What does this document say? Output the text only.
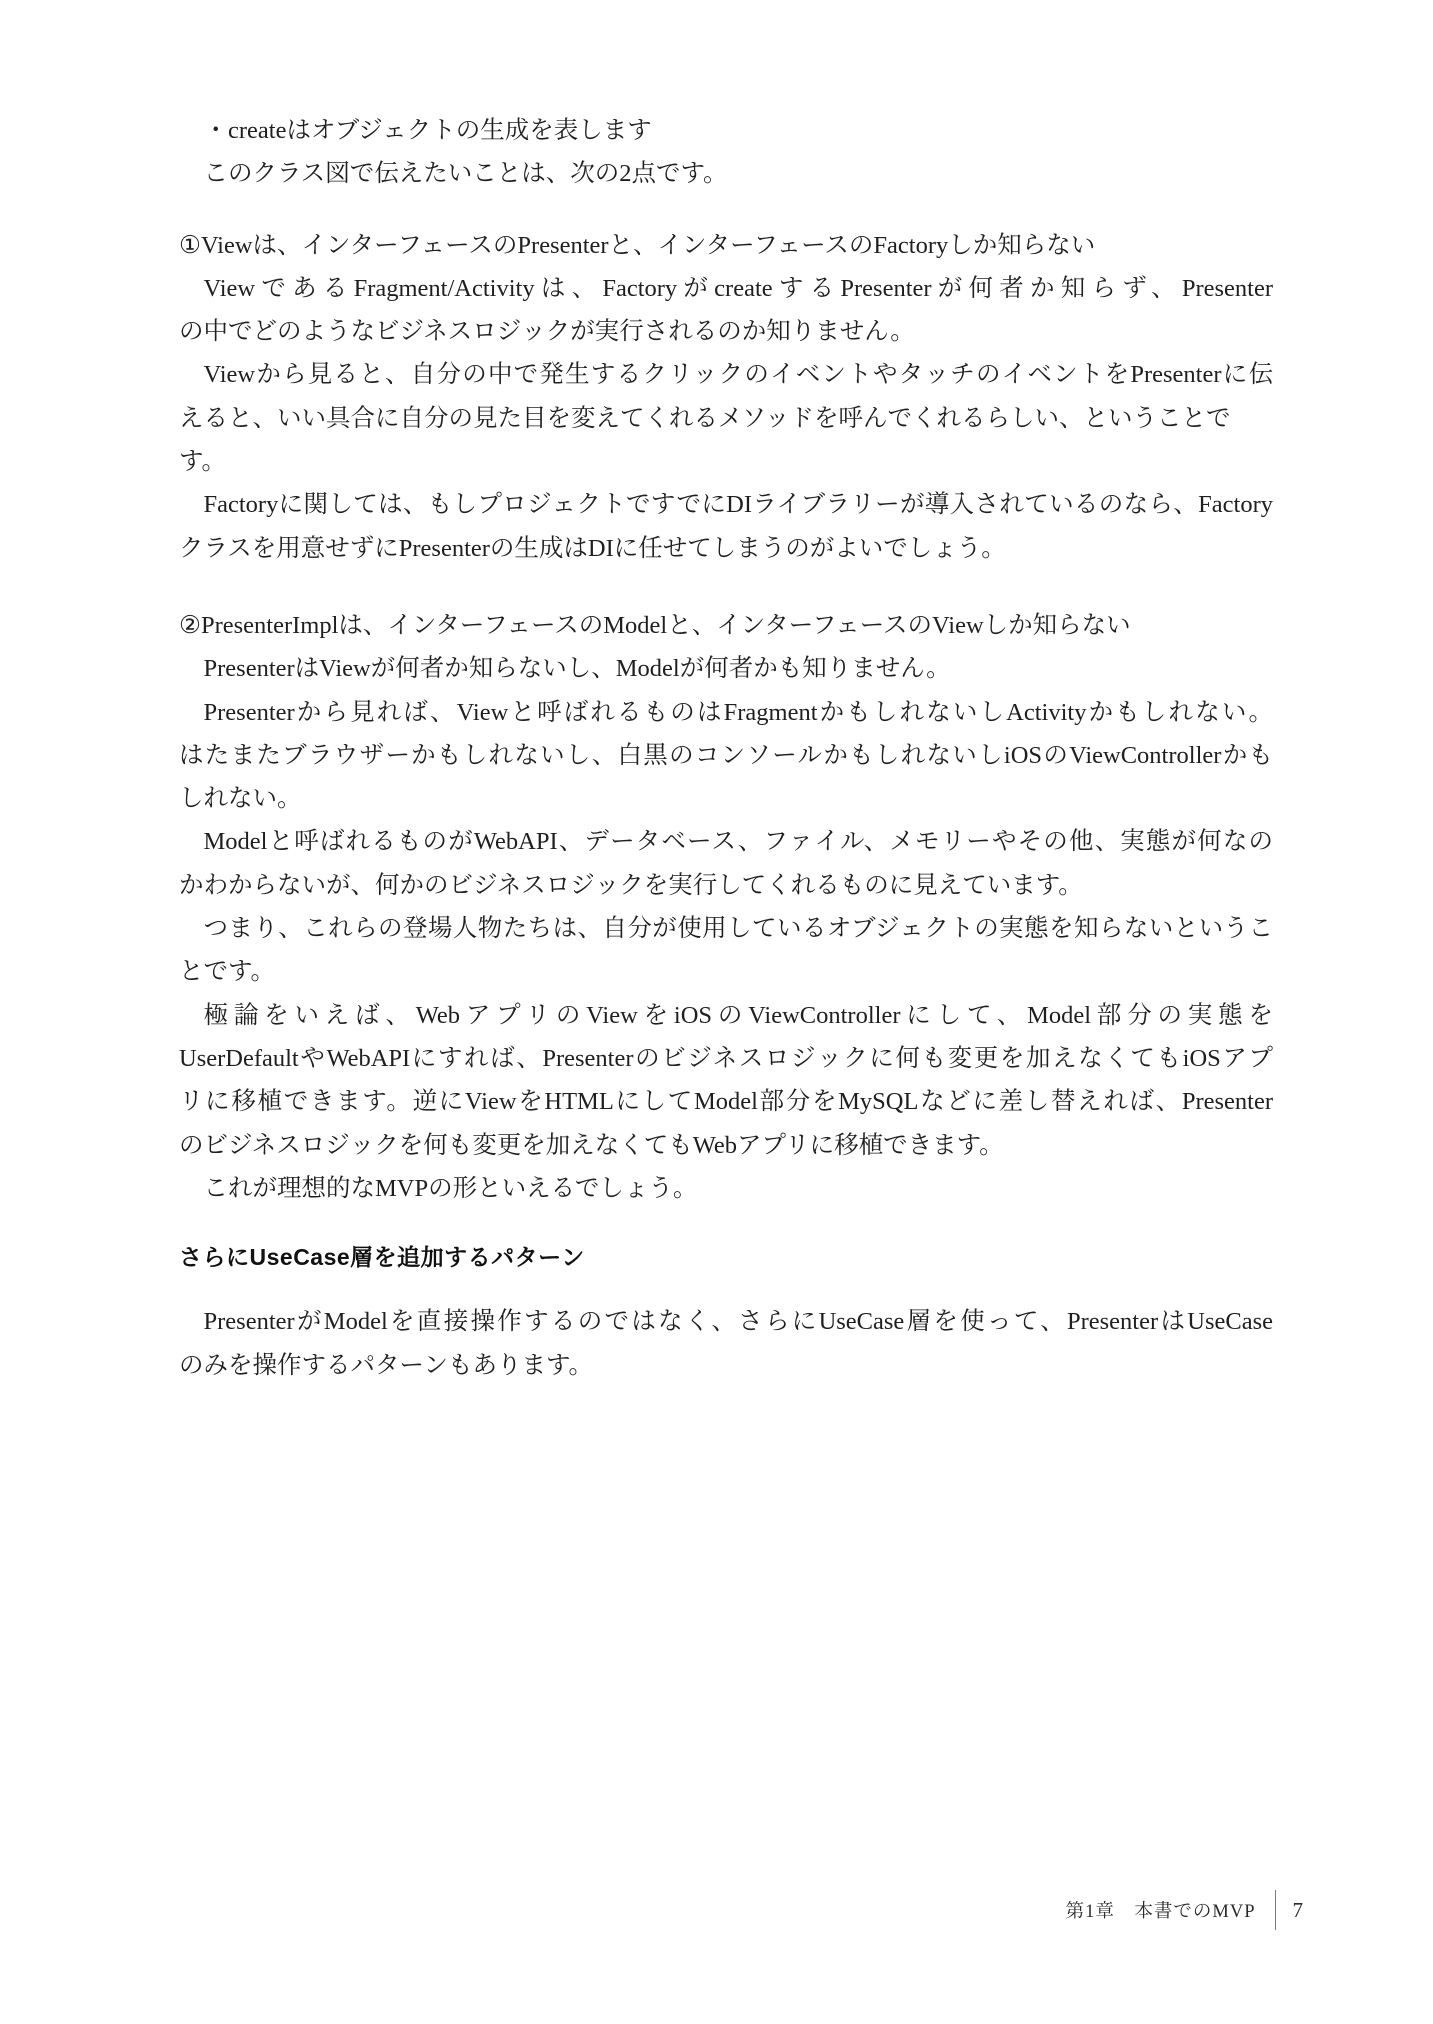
・createはオブジェクトの生成を表します
このクラス図で伝えたいことは、次の2点です。
①Viewは、インターフェースのPresenterと、インターフェースのFactoryしか知らない
ViewであるFragment/Activityは、FactoryがcreateするPresenterが何者か知らず、Presenter
の中でどのようなビジネスロジックが実行されるのか知りません。
Viewから見ると、自分の中で発生するクリックのイベントやタッチのイベントをPresenterに伝
えると、いい具合に自分の見た目を変えてくれるメソッドを呼んでくれるらしい、ということです。
Factoryに関しては、もしプロジェクトですでにDIライブラリーが導入されているのなら、Factory
クラスを用意せずにPresenterの生成はDIに任せてしまうのがよいでしょう。
②PresenterImplは、インターフェースのModelと、インターフェースのViewしか知らない
PresenterはViewが何者か知らないし、Modelが何者かも知りません。
Presenterから見れば、Viewと呼ばれるものはFragmentかもしれないしActivityかもしれない。
はたまたブラウザーかもしれないし、白黒のコンソールかもしれないしiOSのViewControllerかも
しれない。
Modelと呼ばれるものがWebAPI、データベース、ファイル、メモリーやその他、実態が何なの
かわからないが、何かのビジネスロジックを実行してくれるものに見えています。
つまり、これらの登場人物たちは、自分が使用しているオブジェクトの実態を知らないというこ
とです。
極論をいえば、WebアプリのViewをiOSのViewControllerにして、Model部分の実態を
UserDefaultやWebAPIにすれば、Presenterのビジネスロジックに何も変更を加えなくてもiOSアプ
リに移植できます。逆にViewをHTMLにしてModel部分をMySQLなどに差し替えれば、Presenter
のビジネスロジックを何も変更を加えなくてもWebアプリに移植できます。
これが理想的なMVPの形といえるでしょう。
さらにUseCase層を追加するパターン
PresenterがModelを直接操作するのではなく、さらにUseCase層を使って、PresenterはUseCase
のみを操作するパターンもあります。
第1章　本書でのMVP 7
